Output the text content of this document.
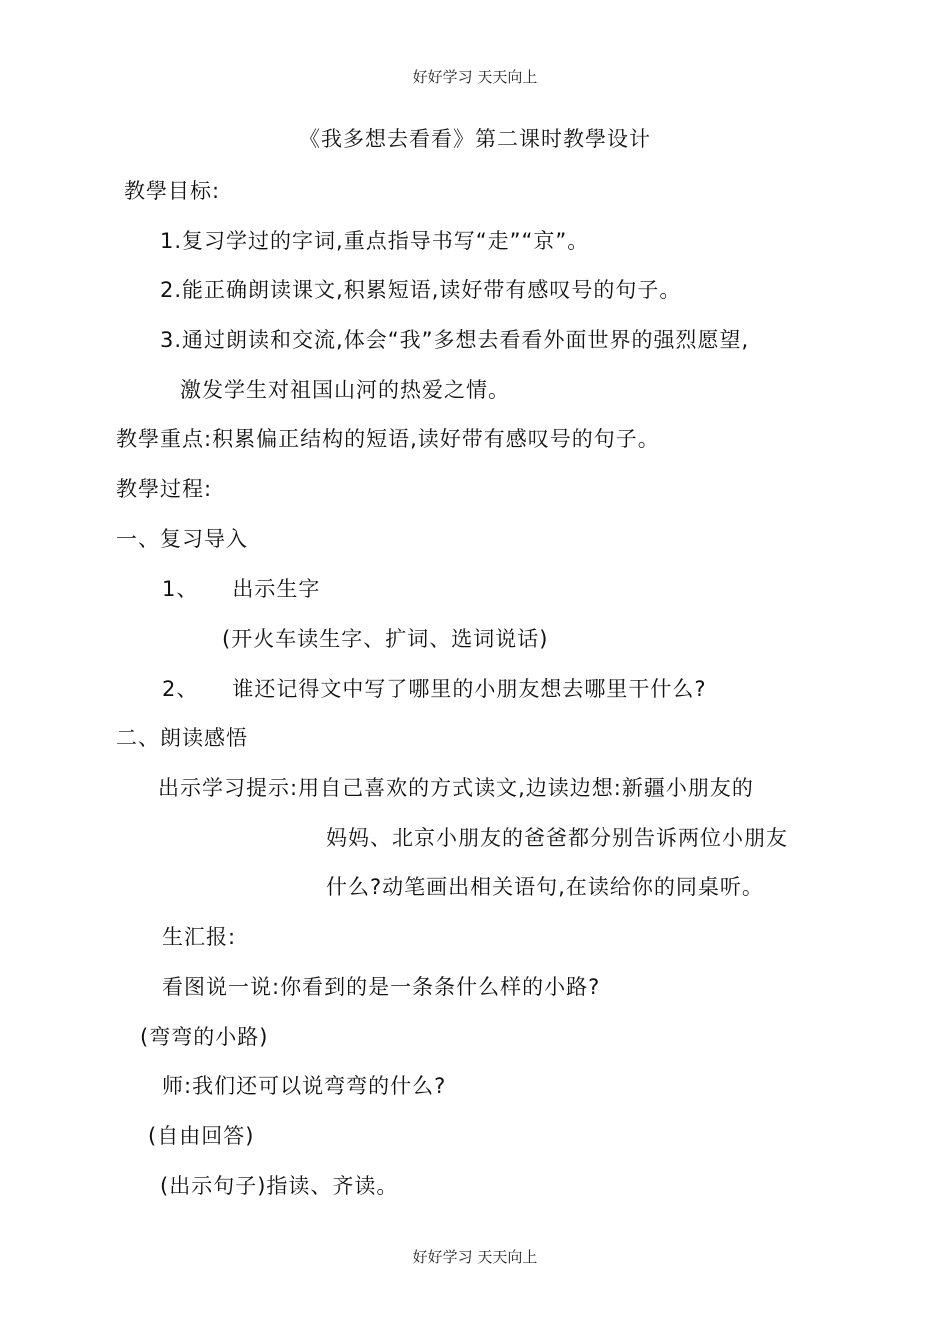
好好学习 天天向上
《我多想去看看》第二课时教學设计
教學目标:
1.复习学过的字词,重点指导书写“走”“京”。
2.能正确朗读课文,积累短语,读好带有感叹号的句子。
3.通过朗读和交流,体会“我”多想去看看外面世界的强烈愿望,
激发学生对祖国山河的热爱之情。
教學重点:积累偏正结构的短语,读好带有感叹号的句子。
教學过程:
一、复习导入
1、 出示生字
(开火车读生字、扩词、选词说话)
2、 谁还记得文中写了哪里的小朋友想去哪里干什么?
二、朗读感悟
出示学习提示:用自己喜欢的方式读文,边读边想:新疆小朋友的
妈妈、北京小朋友的爸爸都分别告诉两位小朋友
什么?动笔画出相关语句,在读给你的同桌听。
生汇报:
看图说一说:你看到的是一条条什么样的小路?
(弯弯的小路)
师:我们还可以说弯弯的什么?
(自由回答)
(出示句子)指读、齐读。
好好学习 天天向上
